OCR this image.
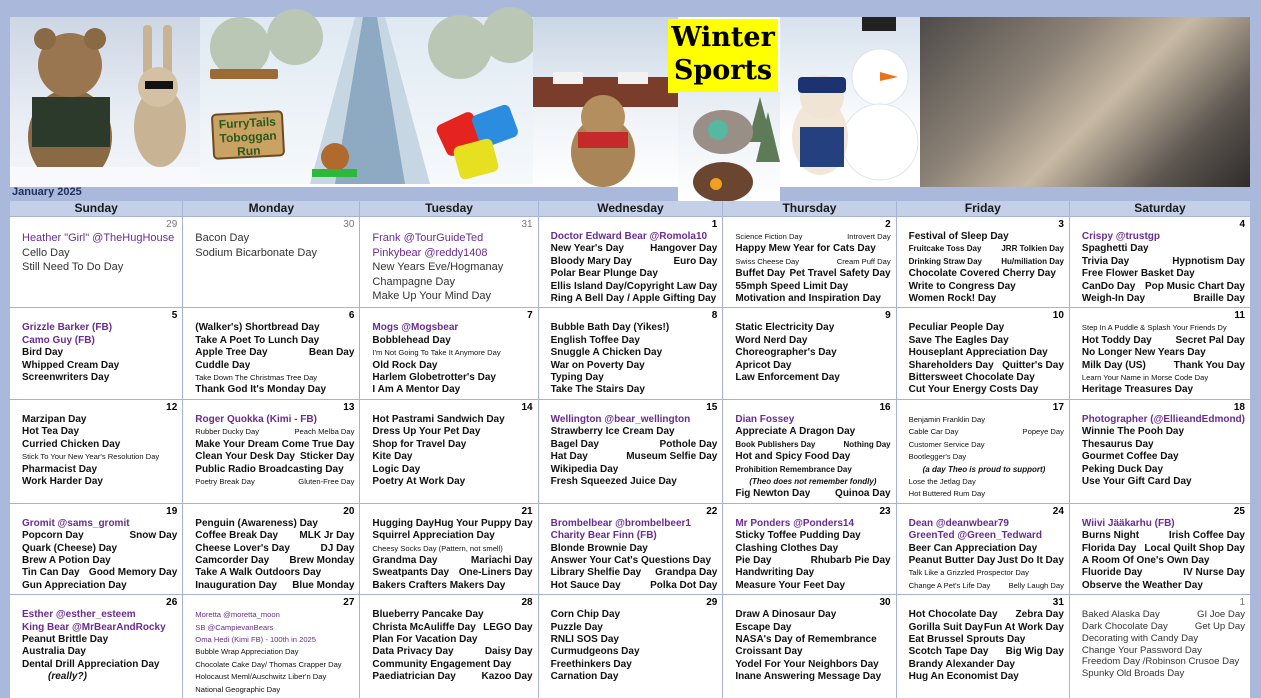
FurryTails
Toboggan
Run
Winter
Sports
January 2025
Sunday	Monday	Tuesday	Wednesday	Thursday	Friday	Saturday
29
Heather "Girl" @TheHugHouse
Cello Day
Still Need To Do Day
30
Bacon Day
Sodium Bicarbonate Day
31
Frank @TourGuideTed
Pinkybear @reddy1408
New Years Eve/Hogmanay
Champagne Day
Make Up Your Mind Day
1
Doctor Edward Bear @Romola10
New Year's Day	Hangover Day
Bloody Mary Day	Euro Day
Polar Bear Plunge Day
Ellis Island Day/Copyright Law Day
Ring A Bell Day / Apple Gifting Day
2
Science Fiction Day	Introvert Day
Happy Mew Year for Cats Day
Swiss Cheese Day	Cream Puff Day
Buffet Day Pet Travel Safety Day
55mph Speed Limit Day
Motivation and Inspiration Day
3
Festival of Sleep Day
Fruitcake Toss Day JRR Tolkien Day
Drinking Straw Day Hu/miliation Day
Chocolate Covered Cherry Day
Write to Congress Day
Women Rock! Day
4
Crispy @trustgp
Spaghetti Day
Trivia Day	Hypnotism Day
Free Flower Basket Day
CanDo Day Pop Music Chart Day
Weigh-In Day	Braille Day
5
Grizzle Barker (FB)
Camo Guy (FB)
Bird Day
Whipped Cream Day
Screenwriters Day
6
(Walker's) Shortbread Day
Take A Poet To Lunch Day
Apple Tree Day	Bean Day
Cuddle Day
Take Down The Christmas Tree Day
Thank God It's Monday Day
7
Mogs @Mogsbear
Bobblehead Day
I'm Not Going To Take It Anymore Day
Old Rock Day
Harlem Globetrotter's Day
I Am A Mentor Day
8
Bubble Bath Day (Yikes!)
English Toffee Day
Snuggle A Chicken Day
War on Poverty Day
Typing Day
Take The Stairs Day
9
Static Electricity Day
Word Nerd Day
Choreographer's Day
Apricot Day
Law Enforcement Day
10
Peculiar People Day
Save The Eagles Day
Houseplant Appreciation Day
Shareholders Day Quitter's Day
Bittersweet Chocolate Day
Cut Your Energy Costs Day
11
Step In A Puddle & Splash Your Friends Dy
Hot Toddy Day Secret Pal Day
No Longer New Years Day
Milk Day (US)	Thank You Day
Learn Your Name in Morse Code Day
Heritage Treasures Day
12
Marzipan Day
Hot Tea Day
Curried Chicken Day
Stick To Your New Year's Resolution Day
Pharmacist Day
Work Harder Day
13
Roger Quokka (Kimi - FB)
Rubber Ducky Day	Peach Melba Day
Make Your Dream Come True Day
Clean Your Desk Day Sticker Day
Public Radio Broadcasting Day
Poetry Break Day	Gluten-Free Day
14
Hot Pastrami Sandwich Day
Dress Up Your Pet Day
Shop for Travel Day
Kite Day
Logic Day
Poetry At Work Day
15
Wellington @bear_wellington
Strawberry Ice Cream Day
Bagel Day	Pothole Day
Hat Day	Museum Selfie Day
Wikipedia Day
Fresh Squeezed Juice Day
16
Dian Fossey
Appreciate A Dragon Day
Book Publishers Day	Nothing Day
Hot and Spicy Food Day
Prohibition Remembrance Day
(Theo does not remember fondly)
Fig Newton Day Quinoa Day
17
Benjamin Franklin Day
Cable Car Day	Popeye Day
Customer Service Day
Bootlegger's Day
(a day Theo is proud to support)
Lose the Jetlag Day
Hot Buttered Rum Day
18
Photographer (@EllieandEdmond)
Winnie The Pooh Day
Thesaurus Day
Gourmet Coffee Day
Peking Duck Day
Use Your Gift Card Day
19
Gromit @sams_gromit
Popcorn Day	Snow Day
Quark (Cheese) Day
Brew A Potion Day
Tin Can Day Good Memory Day
Gun Appreciation Day
20
Penguin (Awareness) Day
Coffee Break Day MLK Jr Day
Cheese Lover's Day	DJ Day
Camcorder Day Brew Monday
Take A Walk Outdoors Day
Inauguration Day Blue Monday
21
Hugging Day Hug Your Puppy Day
Squirrel Appreciation Day
Cheesy Socks Day (Pattern, not smell)
Grandma Day	Mariachi Day
Sweatpants Day One-Liners Day
Bakers Crafters Makers Day
22
Brombelbear @brombelbeer1
Charity Bear Finn (FB)
Blonde Brownie Day
Answer Your Cat's Questions Day
Library Shelfie Day Grandpa Day
Hot Sauce Day	Polka Dot Day
23
Mr Ponders @Ponders14
Sticky Toffee Pudding Day
Clashing Clothes Day
Pie Day	Rhubarb Pie Day
Handwriting Day
Measure Your Feet Day
24
Dean @deanwbear79
GreenTed @Green_Tedward
Beer Can Appreciation Day
Peanut Butter Day Just Do It Day
Talk Like a Grizzled Prospector Day
Change A Pet's Life Day Belly Laugh Day
25
Wiivi Jääkarhu (FB)
Burns Night	Irish Coffee Day
Florida Day Local Quilt Shop Day
A Room Of One's Own Day
Fluoride Day	IV Nurse Day
Observe the Weather Day
26
Esther @esther_esteem
King Bear @MrBearAndRocky
Peanut Brittle Day
Australia Day
Dental Drill Appreciation Day
(really?)
27
Moretta @moretta_moon
SB @CampievanBears
Oma Hedi (Kimi FB) - 100th in 2025
Bubble Wrap Appreciation Day
Chocolate Cake Day/ Thomas Crapper Day
Holocaust Meml/Auschwitz Liber'n Day
National Geographic Day
28
Blueberry Pancake Day
Christa McAuliffe Day LEGO Day
Plan For Vacation Day
Data Privacy Day	Daisy Day
Community Engagement Day
Paediatrician Day	Kazoo Day
29
Corn Chip Day
Puzzle Day
RNLI SOS Day
Curmudgeons Day
Freethinkers Day
Carnation Day
30
Draw A Dinosaur Day
Escape Day
NASA's Day of Remembrance
Croissant Day
Yodel For Your Neighbors Day
Inane Answering Message Day
31
Hot Chocolate Day Zebra Day
Gorilla Suit Day Fun At Work Day
Eat Brussel Sprouts Day
Scotch Tape Day Big Wig Day
Brandy Alexander Day
Hug An Economist Day
1
Baked Alaska Day	GI Joe Day
Dark Chocolate Day	Get Up Day
Decorating with Candy Day
Change Your Password Day
Freedom Day /Robinson Crusoe Day
Spunky Old Broads Day
